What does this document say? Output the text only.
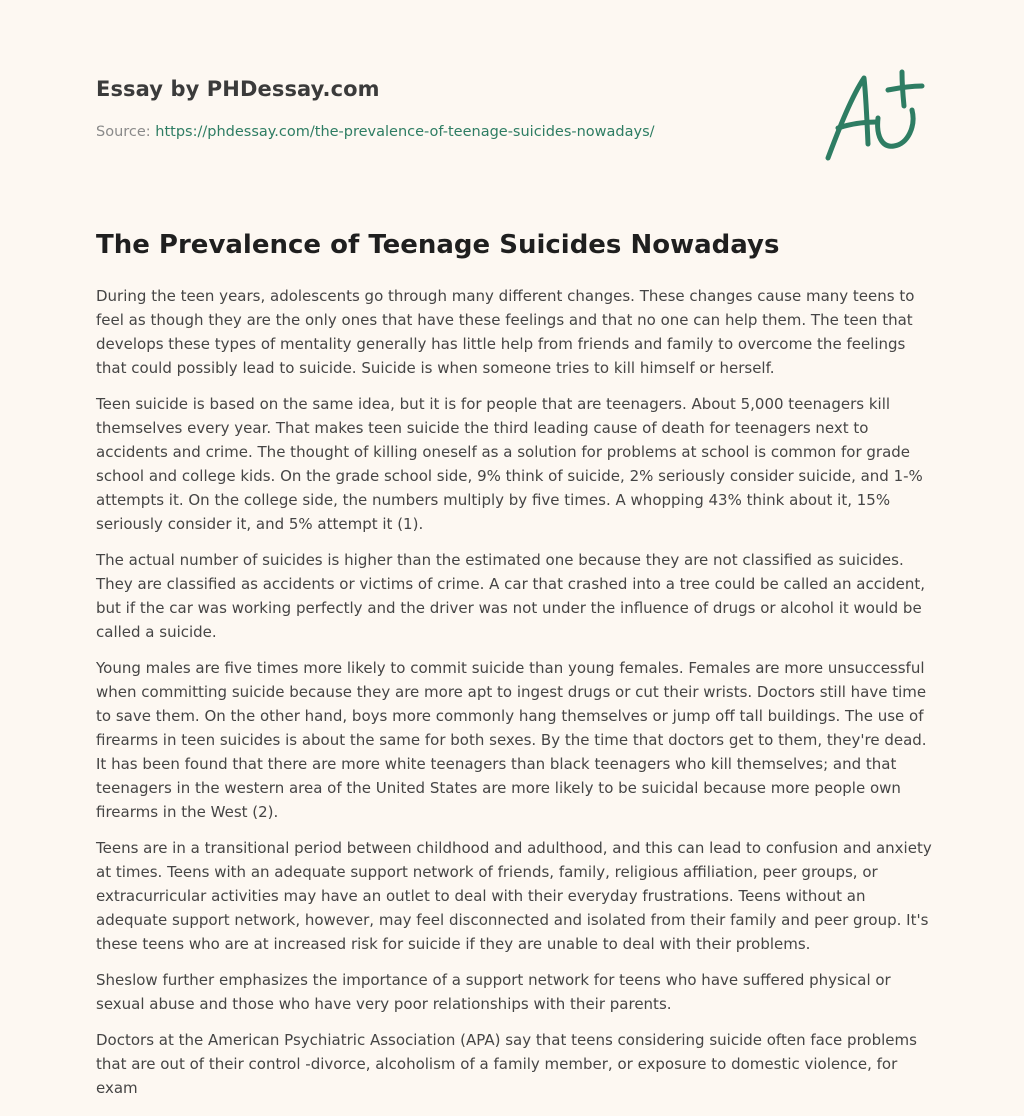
Essay by PHDessay.com
Source: https://phdessay.com/the-prevalence-of-teenage-suicides-nowadays/
The Prevalence of Teenage Suicides Nowadays

During the teen years, adolescents go through many different changes. These changes cause many teens to feel as though they are the only ones that have these feelings and that no one can help them. The teen that develops these types of mentality generally has little help from friends and family to overcome the feelings that could possibly lead to suicide. Suicide is when someone tries to kill himself or herself.

Teen suicide is based on the same idea, but it is for people that are teenagers. About 5,000 teenagers kill themselves every year. That makes teen suicide the third leading cause of death for teenagers next to accidents and crime. The thought of killing oneself as a solution for problems at school is common for grade school and college kids. On the grade school side, 9% think of suicide, 2% seriously consider suicide, and 1-% attempts it. On the college side, the numbers multiply by five times. A whopping 43% think about it, 15% seriously consider it, and 5% attempt it (1).

The actual number of suicides is higher than the estimated one because they are not classified as suicides. They are classified as accidents or victims of crime. A car that crashed into a tree could be called an accident, but if the car was working perfectly and the driver was not under the influence of drugs or alcohol it would be called a suicide.

Young males are five times more likely to commit suicide than young females. Females are more unsuccessful when committing suicide because they are more apt to ingest drugs or cut their wrists. Doctors still have time to save them. On the other hand, boys more commonly hang themselves or jump off tall buildings. The use of firearms in teen suicides is about the same for both sexes. By the time that doctors get to them, they're dead. It has been found that there are more white teenagers than black teenagers who kill themselves; and that teenagers in the western area of the United States are more likely to be suicidal because more people own firearms in the West (2).

Teens are in a transitional period between childhood and adulthood, and this can lead to confusion and anxiety at times. Teens with an adequate support network of friends, family, religious affiliation, peer groups, or extracurricular activities may have an outlet to deal with their everyday frustrations. Teens without an adequate support network, however, may feel disconnected and isolated from their family and peer group. It's these teens who are at increased risk for suicide if they are unable to deal with their problems.

Sheslow further emphasizes the importance of a support network for teens who have suffered physical or sexual abuse and those who have very poor relationships with their parents.

Doctors at the American Psychiatric Association (APA) say that teens considering suicide often face problems that are out of their control -divorce, alcoholism of a family member, or exposure to domestic violence, for exam
